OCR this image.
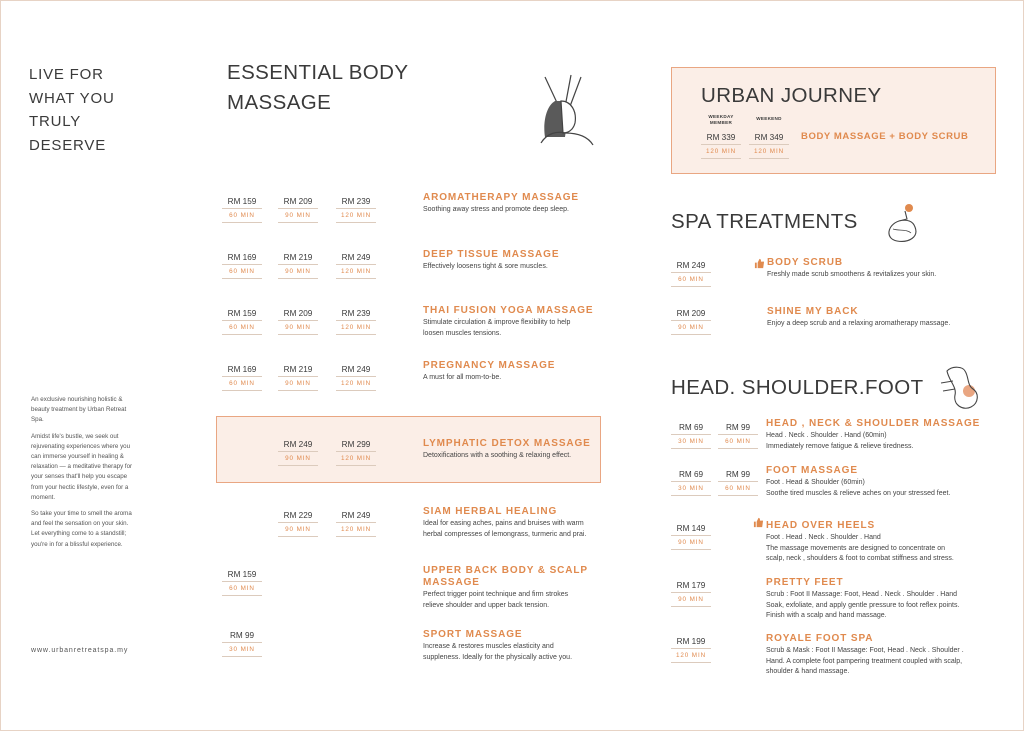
LIVE FOR
WHAT YOU
TRULY
DESERVE

An exclusive nourishing holistic & beauty treatment by Urban Retreat Spa.

Amidst life's bustle, we seek out rejuvenating experiences where you can immerse yourself in healing & relaxation — a meditative therapy for your senses that'll help you escape from your hectic lifestyle, even for a moment.

So take your time to smell the aroma and feel the sensation on your skin. Let everything come to a standstill; you're in for a blissful experience.

www.urbanretreatspa.my
ESSENTIAL BODY
MASSAGE
RM 159
60 MIN
RM 209
90 MIN
RM 239
120 MIN
AROMATHERAPY MASSAGE
Soothing away stress and promote deep sleep.
RM 169
60 MIN
RM 219
90 MIN
RM 249
120 MIN
DEEP TISSUE MASSAGE
Effectively loosens tight & sore muscles.
RM 159
60 MIN
RM 209
90 MIN
RM 239
120 MIN
THAI FUSION YOGA MASSAGE
Stimulate circulation & improve flexibility to help
loosen muscles tensions.
RM 169
60 MIN
RM 219
90 MIN
RM 249
120 MIN
PREGNANCY MASSAGE
A must for all mom-to-be.
RM 249
90 MIN
RM 299
120 MIN
LYMPHATIC DETOX MASSAGE
Detoxifications with a soothing & relaxing effect.
RM 229
90 MIN
RM 249
120 MIN
SIAM HERBAL HEALING
Ideal for easing aches, pains and bruises with warm
herbal compresses of lemongrass, turmeric and prai.
RM 159
60 MIN
UPPER BACK BODY & SCALP
MASSAGE
Perfect trigger point technique and firm strokes
relieve shoulder and upper back tension.
RM 99
30 MIN
SPORT MASSAGE
Increase & restores muscles elasticity and
suppleness. Ideally for the physically active you.
URBAN JOURNEY
WEEKDAY
MEMBER
WEEKEND
RM 339
120 MIN
RM 349
120 MIN
BODY MASSAGE + BODY SCRUB
SPA TREATMENTS
RM 249
60 MIN
BODY SCRUB
Freshly made scrub smoothens & revitalizes your skin.
RM 209
90 MIN
SHINE MY BACK
Enjoy a deep scrub and a relaxing aromatherapy massage.
HEAD. SHOULDER.FOOT
RM 69
30 MIN
RM 99
60 MIN
HEAD , NECK & SHOULDER MASSAGE
Head . Neck . Shoulder . Hand (60min)
Immediately remove fatigue & relieve tiredness.
RM 69
30 MIN
RM 99
60 MIN
FOOT MASSAGE
Foot . Head & Shoulder (60min)
Soothe tired muscles & relieve aches on your stressed feet.
RM 149
90 MIN
HEAD OVER HEELS
Foot . Head . Neck . Shoulder . Hand
The massage movements are designed to concentrate on
scalp, neck , shoulders & foot to combat stiffness and stress.
RM 179
90 MIN
PRETTY FEET
Scrub : Foot II Massage: Foot, Head . Neck . Shoulder . Hand
Soak, exfoliate, and apply gentle pressure to foot reflex points.
Finish with a scalp and hand massage.
RM 199
120 MIN
ROYALE FOOT SPA
Scrub & Mask : Foot II Massage: Foot, Head . Neck . Shoulder .
Hand. A complete foot pampering treatment coupled with scalp,
shoulder & hand massage.
